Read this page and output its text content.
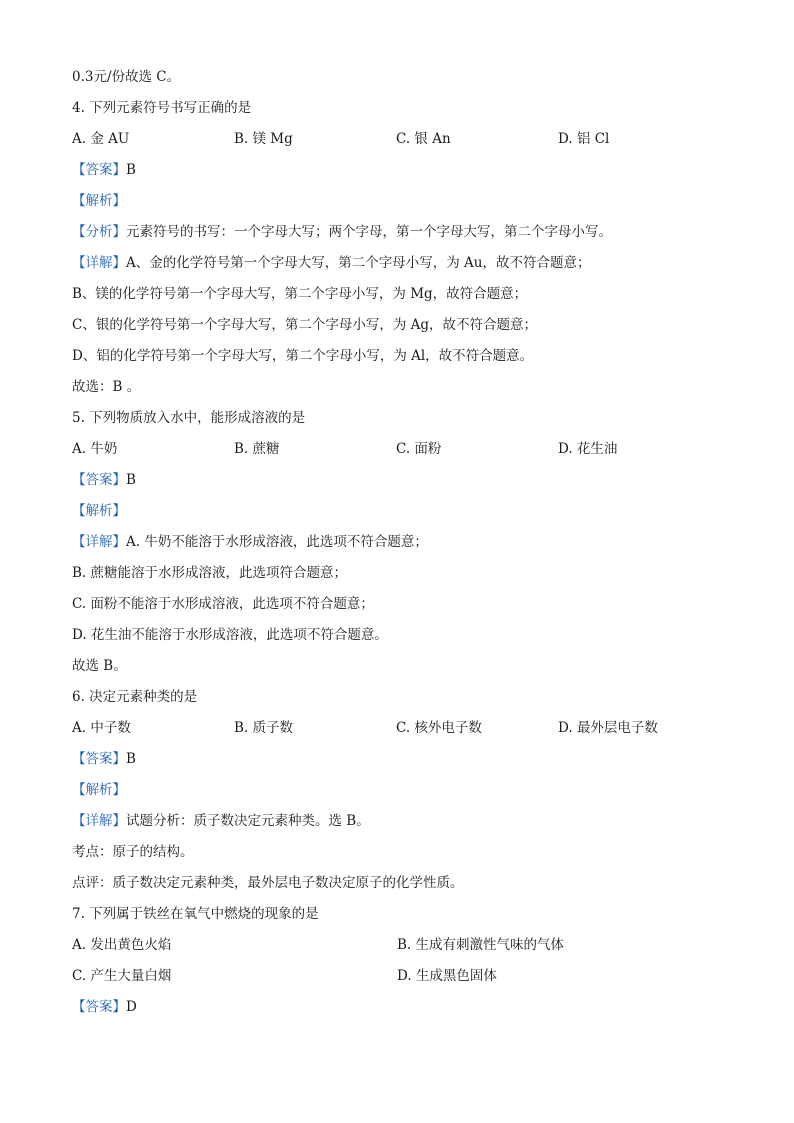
0.3元/份故选 C。
4. 下列元素符号书写正确的是
A. 金 AU	B. 镁 Mg	C. 银 An	D. 铝 Cl
【答案】B
【解析】
【分析】元素符号的书写：一个字母大写；两个字母，第一个字母大写，第二个字母小写。
【详解】A、金的化学符号第一个字母大写，第二个字母小写，为 Au，故不符合题意；
B、镁的化学符号第一个字母大写，第二个字母小写，为 Mg，故符合题意；
C、银的化学符号第一个字母大写，第二个字母小写，为 Ag，故不符合题意；
D、铝的化学符号第一个字母大写，第二个字母小写，为 Al，故不符合题意。
故选：B 。
5. 下列物质放入水中，能形成溶液的是
A. 牛奶	B. 蔗糖	C. 面粉	D. 花生油
【答案】B
【解析】
【详解】A. 牛奶不能溶于水形成溶液，此选项不符合题意；
B. 蔗糖能溶于水形成溶液，此选项符合题意；
C. 面粉不能溶于水形成溶液，此选项不符合题意；
D. 花生油不能溶于水形成溶液，此选项不符合题意。
故选 B。
6. 决定元素种类的是
A. 中子数	B. 质子数	C. 核外电子数	D. 最外层电子数
【答案】B
【解析】
【详解】试题分析：质子数决定元素种类。选 B。
考点：原子的结构。
点评：质子数决定元素种类，最外层电子数决定原子的化学性质。
7. 下列属于铁丝在氧气中燃烧的现象的是
A. 发出黄色火焰	B. 生成有刺激性气味的气体
C. 产生大量白烟	D. 生成黑色固体
【答案】D
